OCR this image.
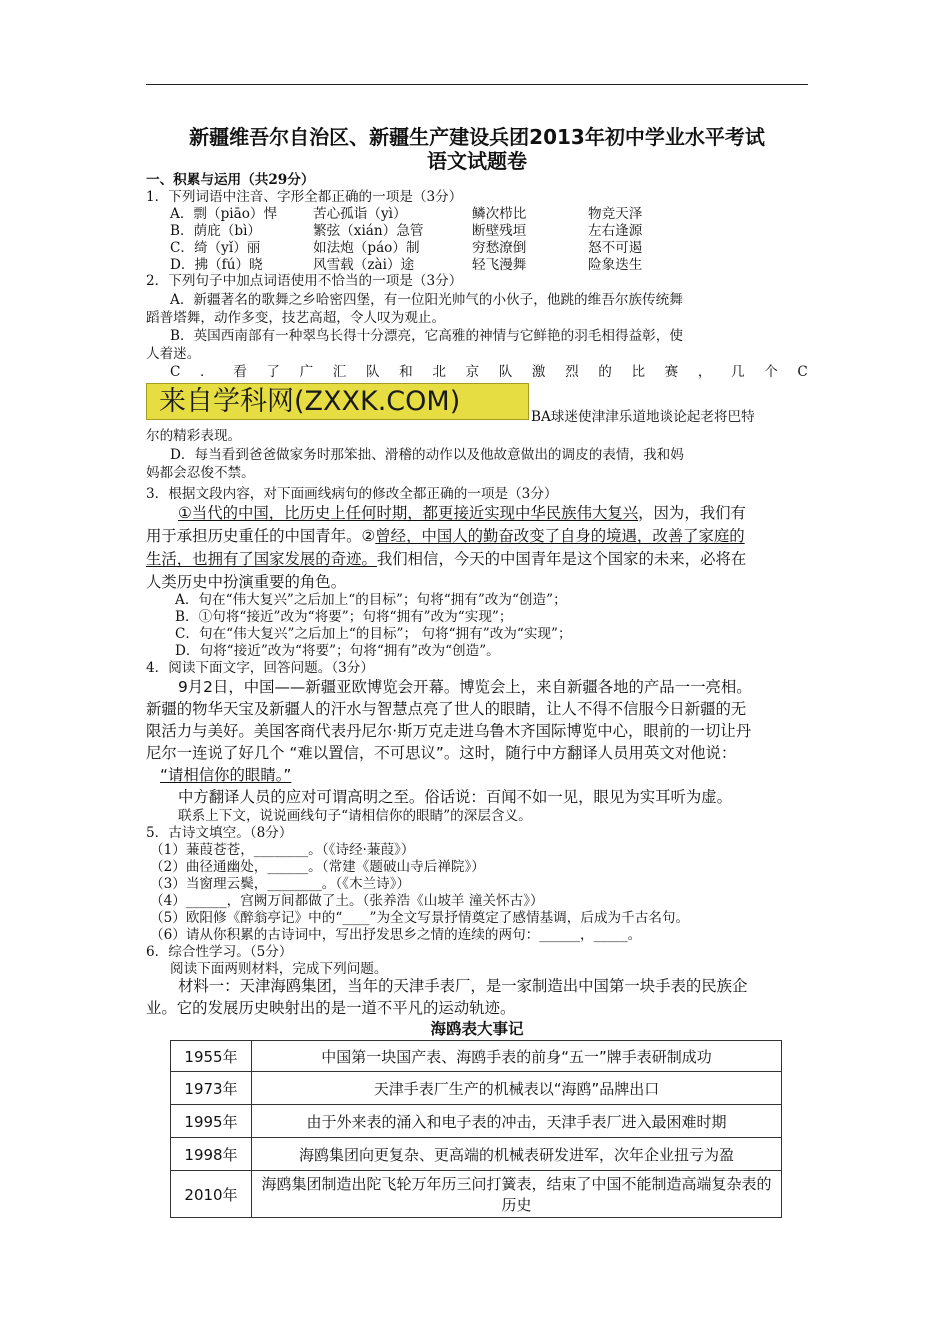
新疆维吾尔自治区、新疆生产建设兵团2013年初中学业水平考试
语文试题卷
一、积累与运用（共29分）
1．下列词语中注音、字形全都正确的一项是（3分）
A．剽（piāo）悍	苦心孤诣（yì）	鳞次栉比	物竞天泽
B．荫庇（bì）	繁弦（xián）急管	断壁残垣	左右逢源
C．绮（yǐ）丽	如法炮（páo）制	穷愁潦倒	怒不可遏
D．拂（fú）晓	风雪载（zài）途	轻飞漫舞	险象迭生
2．下列句子中加点词语使用不恰当的一项是（3分）
A．新疆著名的歌舞之乡哈密四堡，有一位阳光帅气的小伙子，他跳的维吾尔族传统舞
蹈普塔舞，动作多变，技艺高超，令人叹为观止。
B．英国西南部有一种翠鸟长得十分漂亮，它高雅的神情与它鲜艳的羽毛相得益彰，使
人着迷。
C ． 看 了 广 汇 队 和 北 京 队 激 烈 的 比 赛 ， 几 个 C
来自学科网(ZXXK.COM)	BA球迷使津津乐道地谈论起老将巴特
尔的精彩表现。
D．每当看到爸爸做家务时那笨拙、滑稽的动作以及他故意做出的调皮的表情，我和妈
妈都会忍俊不禁。
3．根据文段内容，对下面画线病句的修改全都正确的一项是（3分）
①当代的中国，比历史上任何时期，都更接近实现中华民族伟大复兴，因为，我们有
用于承担历史重任的中国青年。②曾经，中国人的勤奋改变了自身的境遇，改善了家庭的
生活，也拥有了国家发展的奇迹。我们相信，今天的中国青年是这个国家的未来，必将在
人类历史中扮演重要的角色。
A．句在“伟大复兴”之后加上“的目标”；句将“拥有”改为“创造”；
B．①句将“接近”改为“将要”；句将“拥有”改为“实现”；
C．句在“伟大复兴”之后加上“的目标”； 句将“拥有”改为“实现”；
D．句将“接近”改为“将要”；句将“拥有”改为“创造”。
4．阅读下面文字，回答问题。（3分）
9月2日，中国——新疆亚欧博览会开幕。博览会上，来自新疆各地的产品一一亮相。
新疆的物华天宝及新疆人的汗水与智慧点亮了世人的眼睛，让人不得不信服今日新疆的无
限活力与美好。美国客商代表丹尼尔·斯万克走进乌鲁木齐国际博览中心，眼前的一切让丹
尼尔一连说了好几个 “难以置信，不可思议”。这时，随行中方翻译人员用英文对他说：
“请相信你的眼睛。”
中方翻译人员的应对可谓高明之至。俗话说：百闻不如一见，眼见为实耳听为虚。
联系上下文，说说画线句子“请相信你的眼睛”的深层含义。
5．古诗文填空。（8分）
（1）蒹葭苍苍，________。（《诗经·蒹葭》）
（2）曲径通幽处，______。（常建《题破山寺后禅院》）
（3）当窗理云鬓，________。（《木兰诗》）
（4）______，宫阙万间都做了土。（张养浩《山坡羊 潼关怀古》）
（5）欧阳修《醉翁亭记》中的“____”为全文写景抒情奠定了感情基调，后成为千古名句。
（6）请从你积累的古诗词中，写出抒发思乡之情的连续的两句：______，_____。
6．综合性学习。（5分）
阅读下面两则材料，完成下列问题。
材料一：天津海鸥集团，当年的天津手表厂，是一家制造出中国第一块手表的民族企
业。它的发展历史映射出的是一道不平凡的运动轨迹。
海鸥表大事记
1955年	中国第一块国产表、海鸥手表的前身“五一”牌手表研制成功
1973年	天津手表厂生产的机械表以“海鸥”品牌出口
1995年	由于外来表的涌入和电子表的冲击，天津手表厂进入最困难时期
1998年	海鸥集团向更复杂、更高端的机械表研发进军，次年企业扭亏为盈
2010年	海鸥集团制造出陀飞轮万年历三问打簧表，结束了中国不能制造高端复杂表的历史
